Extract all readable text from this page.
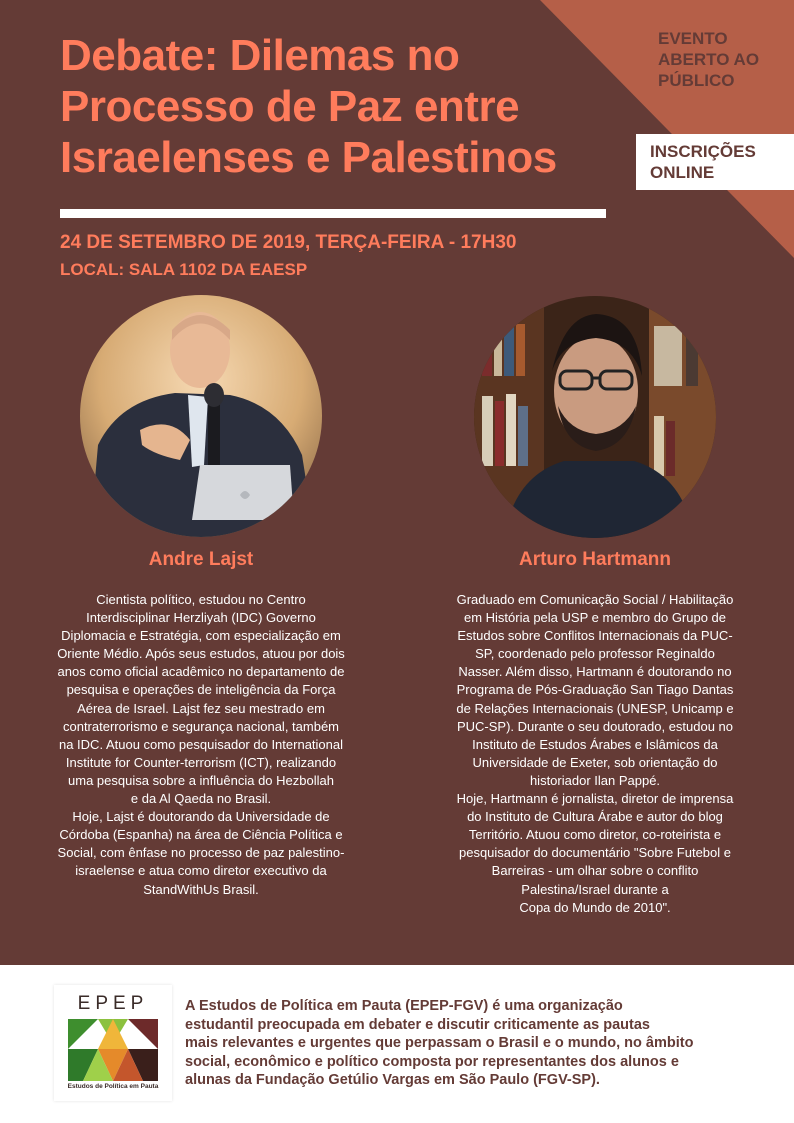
EVENTO
ABERTO AO
PÚBLICO
INSCRIÇÕES
ONLINE
Debate: Dilemas no
Processo de Paz entre
Israelenses e Palestinos
24 DE SETEMBRO DE 2019, TERÇA-FEIRA - 17H30
LOCAL: SALA 1102 DA EAESP
Andre Lajst	Arturo Hartmann

Cientista político, estudou no Centro

Interdisciplinar Herzliyah (IDC) Governo

Diplomacia e Estratégia, com especialização em

Oriente Médio. Após seus estudos, atuou por dois

anos como oficial acadêmico no departamento de

pesquisa e operações de inteligência da Força

Aérea de Israel. Lajst fez seu mestrado em

contraterrorismo e segurança nacional, também

na IDC. Atuou como pesquisador do International

Institute for Counter-terrorism (ICT), realizando

uma pesquisa sobre a influência do Hezbollah

e da Al Qaeda no Brasil.

Hoje, Lajst é doutorando da Universidade de

Córdoba (Espanha) na área de Ciência Política e

Social, com ênfase no processo de paz palestino-

israelense e atua como diretor executivo da

StandWithUs Brasil.

Graduado em Comunicação Social / Habilitação

em História pela USP e membro do Grupo de

Estudos sobre Conflitos Internacionais da PUC-

SP, coordenado pelo professor Reginaldo

Nasser. Além disso, Hartmann é doutorando no

Programa de Pós-Graduação San Tiago Dantas

de Relações Internacionais (UNESP, Unicamp e

PUC-SP). Durante o seu doutorado, estudou no

Instituto de Estudos Árabes e Islâmicos da

Universidade de Exeter, sob orientação do

historiador Ilan Pappé.

Hoje, Hartmann é jornalista, diretor de imprensa

do Instituto de Cultura Árabe e autor do blog

Território. Atuou como diretor, co-roteirista e

pesquisador do documentário "Sobre Futebol e

Barreiras - um olhar sobre o conflito

Palestina/Israel durante a

Copa do Mundo de 2010".

EPEP
Estudos de Política em Pauta
A Estudos de Política em Pauta (EPEP-FGV) é uma organização
estudantil preocupada em debater e discutir criticamente as pautas
mais relevantes e urgentes que perpassam o Brasil e o mundo, no âmbito
social, econômico e político composta por representantes dos alunos e
alunas da Fundação Getúlio Vargas em São Paulo (FGV-SP).
